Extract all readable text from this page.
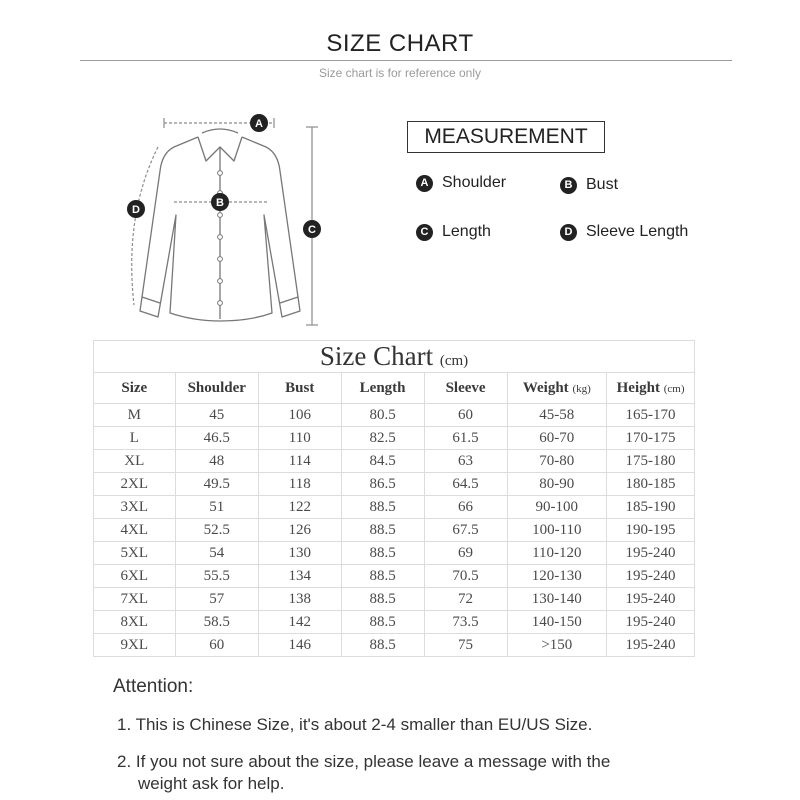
SIZE CHART
Size chart is for reference only
A
B
C
D
MEASUREMENT
A Shoulder	B Bust
C Length	D Sleeve Length
Size Chart (cm)						
Size	Shoulder	Bust	Length	Sleeve	Weight (kg)	Height (cm)
M	45	106	80.5	60	45-58	165-170
L	46.5	110	82.5	61.5	60-70	170-175
XL	48	114	84.5	63	70-80	175-180
2XL	49.5	118	86.5	64.5	80-90	180-185
3XL	51	122	88.5	66	90-100	185-190
4XL	52.5	126	88.5	67.5	100-110	190-195
5XL	54	130	88.5	69	110-120	195-240
6XL	55.5	134	88.5	70.5	120-130	195-240
7XL	57	138	88.5	72	130-140	195-240
8XL	58.5	142	88.5	73.5	140-150	195-240
9XL	60	146	88.5	75	>150	195-240
Attention:
1. This is Chinese Size, it's about 2-4 smaller than EU/US Size.
2. If you not sure about the size, please leave a message with the
weight ask for help.
